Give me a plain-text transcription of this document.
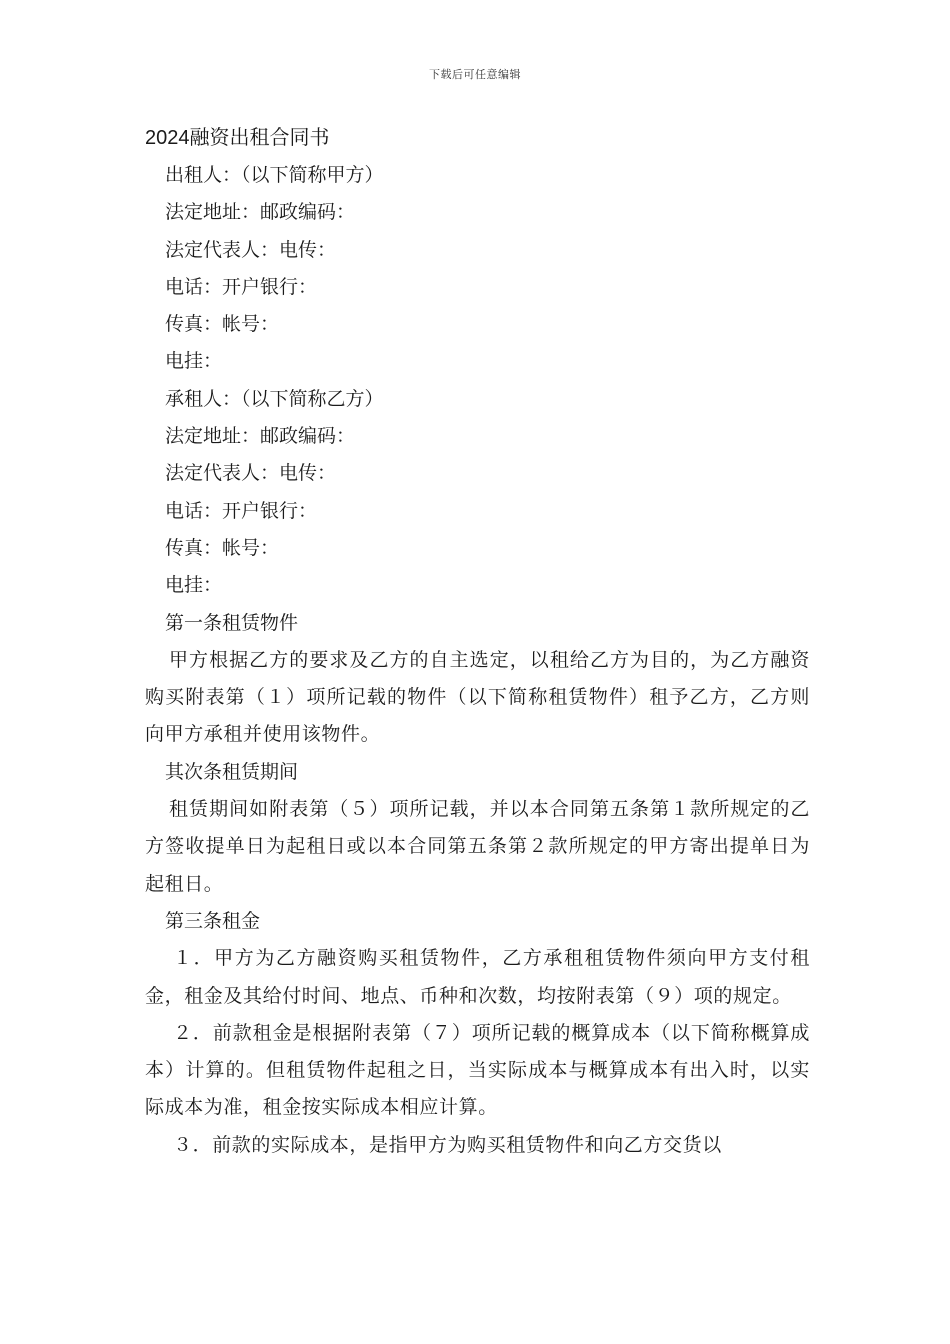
下载后可任意编辑
2024融资出租合同书

出租人：（以下简称甲方）

法定地址：邮政编码：

法定代表人：电传：

电话：开户银行：

传真：帐号：

电挂：

承租人：（以下简称乙方）

法定地址：邮政编码：

法定代表人：电传：

电话：开户银行：

传真：帐号：

电挂：

第一条租赁物件

甲方根据乙方的要求及乙方的自主选定，以租给乙方为目的，为乙方融资购买附表第（１）项所记载的物件（以下简称租赁物件）租予乙方，乙方则向甲方承租并使用该物件。

其次条租赁期间

租赁期间如附表第（５）项所记载，并以本合同第五条第１款所规定的乙方签收提单日为起租日或以本合同第五条第２款所规定的甲方寄出提单日为起租日。

第三条租金

１．甲方为乙方融资购买租赁物件，乙方承租租赁物件须向甲方支付租金，租金及其给付时间、地点、币种和次数，均按附表第（９）项的规定。

２．前款租金是根据附表第（７）项所记载的概算成本（以下简称概算成本）计算的。但租赁物件起租之日，当实际成本与概算成本有出入时，以实际成本为准，租金按实际成本相应计算。

３．前款的实际成本，是指甲方为购买租赁物件和向乙方交货以
